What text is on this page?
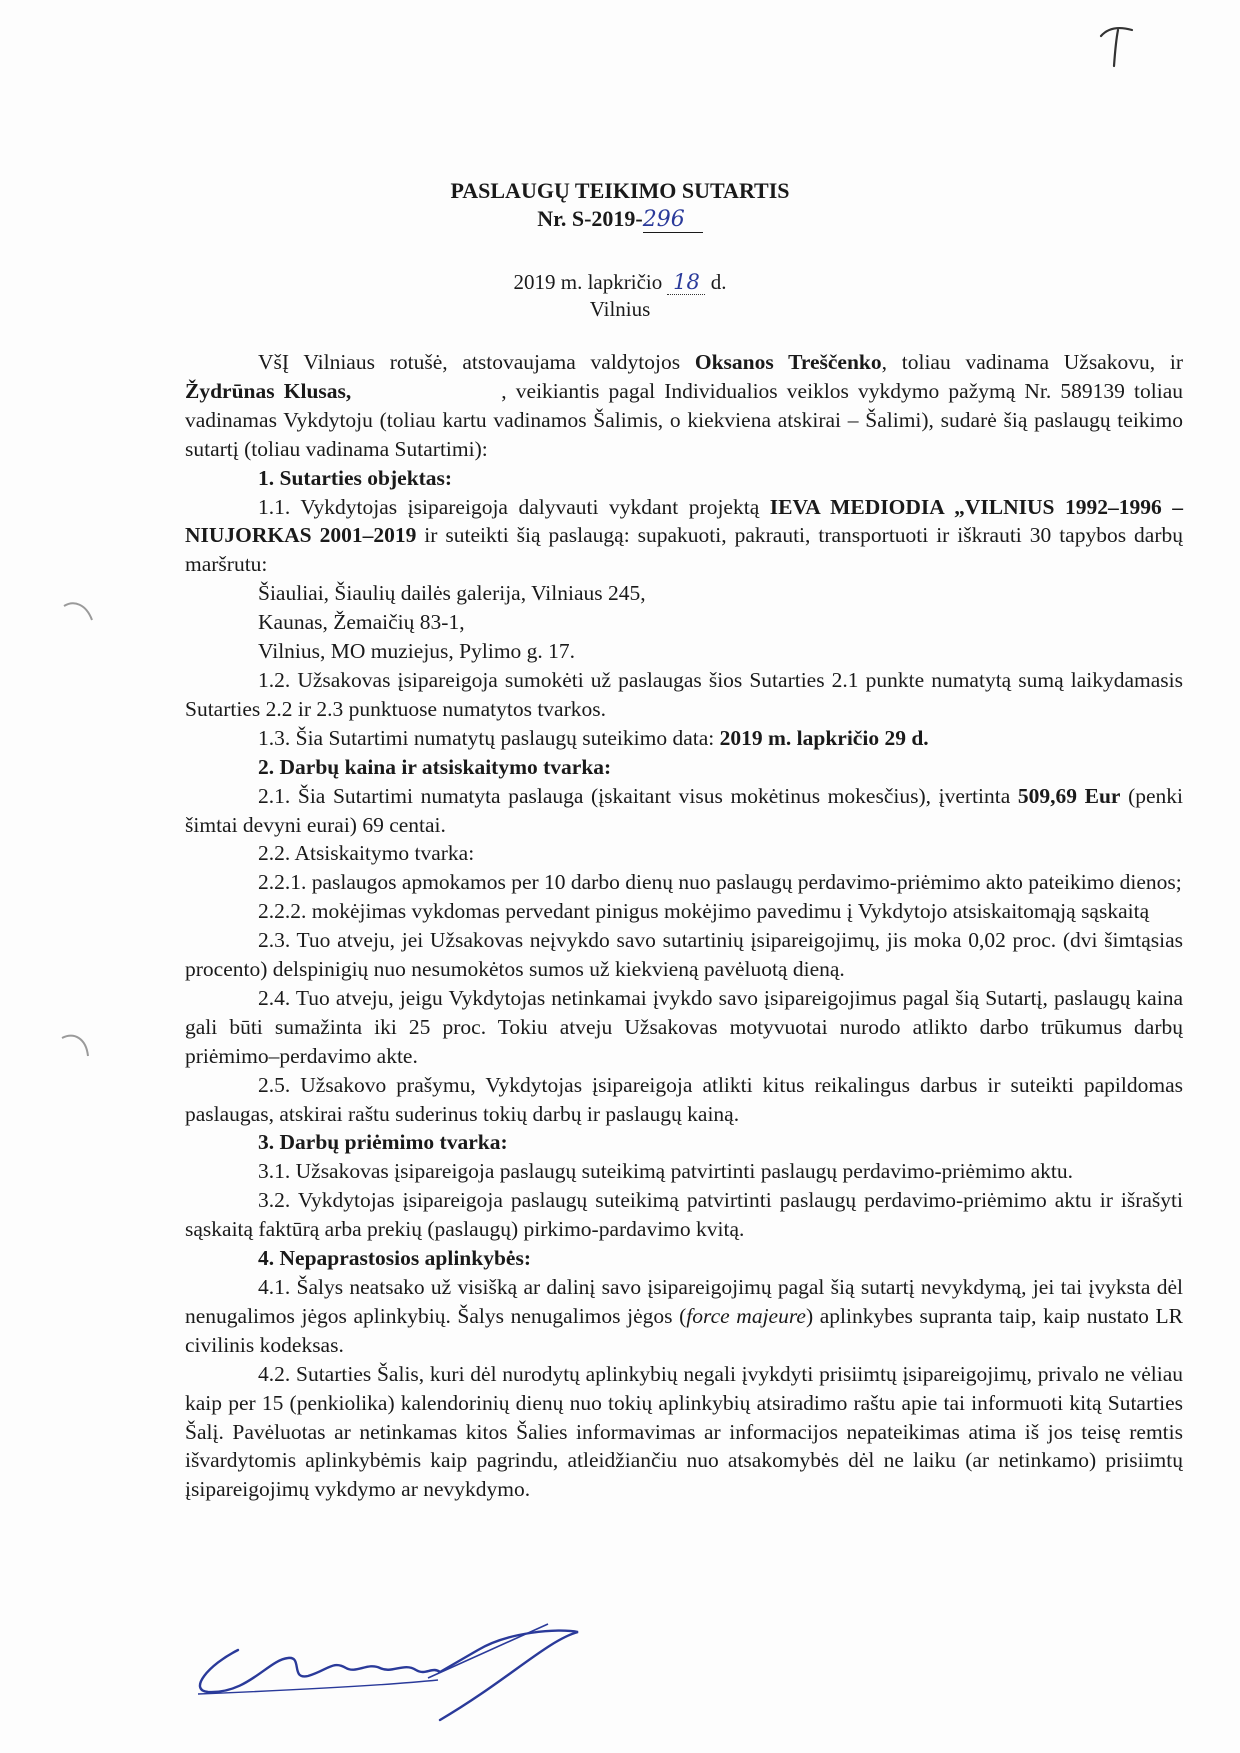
PASLAUGŲ TEIKIMO SUTARTIS
Nr. S-2019-296
2019 m. lapkričio 18 d.
Vilnius

VšĮ Vilniaus rotušė, atstovaujama valdytojos Oksanos Treščenko, toliau vadinama Užsakovu, ir Žydrūnas Klusas,	, veikiantis pagal Individualios veiklos vykdymo pažymą Nr. 589139 toliau vadinamas Vykdytoju (toliau kartu vadinamos Šalimis, o kiekviena atskirai – Šalimi), sudarė šią paslaugų teikimo sutartį (toliau vadinama Sutartimi):

1. Sutarties objektas:

1.1. Vykdytojas įsipareigoja dalyvauti vykdant projektą IEVA MEDIODIA „VILNIUS 1992–1996 – NIUJORKAS 2001–2019 ir suteikti šią paslaugą: supakuoti, pakrauti, transportuoti ir iškrauti 30 tapybos darbų maršrutu:

Šiauliai, Šiaulių dailės galerija, Vilniaus 245,
Kaunas, Žemaičių 83-1,
Vilnius, MO muziejus, Pylimo g. 17.

1.2. Užsakovas įsipareigoja sumokėti už paslaugas šios Sutarties 2.1 punkte numatytą sumą laikydamasis Sutarties 2.2 ir 2.3 punktuose numatytos tvarkos.

1.3. Šia Sutartimi numatytų paslaugų suteikimo data: 2019 m. lapkričio 29 d.

2. Darbų kaina ir atsiskaitymo tvarka:

2.1. Šia Sutartimi numatyta paslauga (įskaitant visus mokėtinus mokesčius), įvertinta 509,69 Eur (penki šimtai devyni eurai) 69 centai.

2.2. Atsiskaitymo tvarka:

2.2.1. paslaugos apmokamos per 10 darbo dienų nuo paslaugų perdavimo-priėmimo akto pateikimo dienos;

2.2.2. mokėjimas vykdomas pervedant pinigus mokėjimo pavedimu į Vykdytojo atsiskaitomąją sąskaitą

2.3. Tuo atveju, jei Užsakovas neįvykdo savo sutartinių įsipareigojimų, jis moka 0,02 proc. (dvi šimtąsias procento) delspinigių nuo nesumokėtos sumos už kiekvieną pavėluotą dieną.

2.4. Tuo atveju, jeigu Vykdytojas netinkamai įvykdo savo įsipareigojimus pagal šią Sutartį, paslaugų kaina gali būti sumažinta iki 25 proc. Tokiu atveju Užsakovas motyvuotai nurodo atlikto darbo trūkumus darbų priėmimo–perdavimo akte.

2.5. Užsakovo prašymu, Vykdytojas įsipareigoja atlikti kitus reikalingus darbus ir suteikti papildomas paslaugas, atskirai raštu suderinus tokių darbų ir paslaugų kainą.

3. Darbų priėmimo tvarka:

3.1. Užsakovas įsipareigoja paslaugų suteikimą patvirtinti paslaugų perdavimo-priėmimo aktu.

3.2. Vykdytojas įsipareigoja paslaugų suteikimą patvirtinti paslaugų perdavimo-priėmimo aktu ir išrašyti sąskaitą faktūrą arba prekių (paslaugų) pirkimo-pardavimo kvitą.

4. Nepaprastosios aplinkybės:

4.1. Šalys neatsako už visišką ar dalinį savo įsipareigojimų pagal šią sutartį nevykdymą, jei tai įvyksta dėl nenugalimos jėgos aplinkybių. Šalys nenugalimos jėgos (force majeure) aplinkybes supranta taip, kaip nustato LR civilinis kodeksas.

4.2. Sutarties Šalis, kuri dėl nurodytų aplinkybių negali įvykdyti prisiimtų įsipareigojimų, privalo ne vėliau kaip per 15 (penkiolika) kalendorinių dienų nuo tokių aplinkybių atsiradimo raštu apie tai informuoti kitą Sutarties Šalį. Pavėluotas ar netinkamas kitos Šalies informavimas ar informacijos nepateikimas atima iš jos teisę remtis išvardytomis aplinkybėmis kaip pagrindu, atleidžiančiu nuo atsakomybės dėl ne laiku (ar netinkamo) prisiimtų įsipareigojimų vykdymo ar nevykdymo.
